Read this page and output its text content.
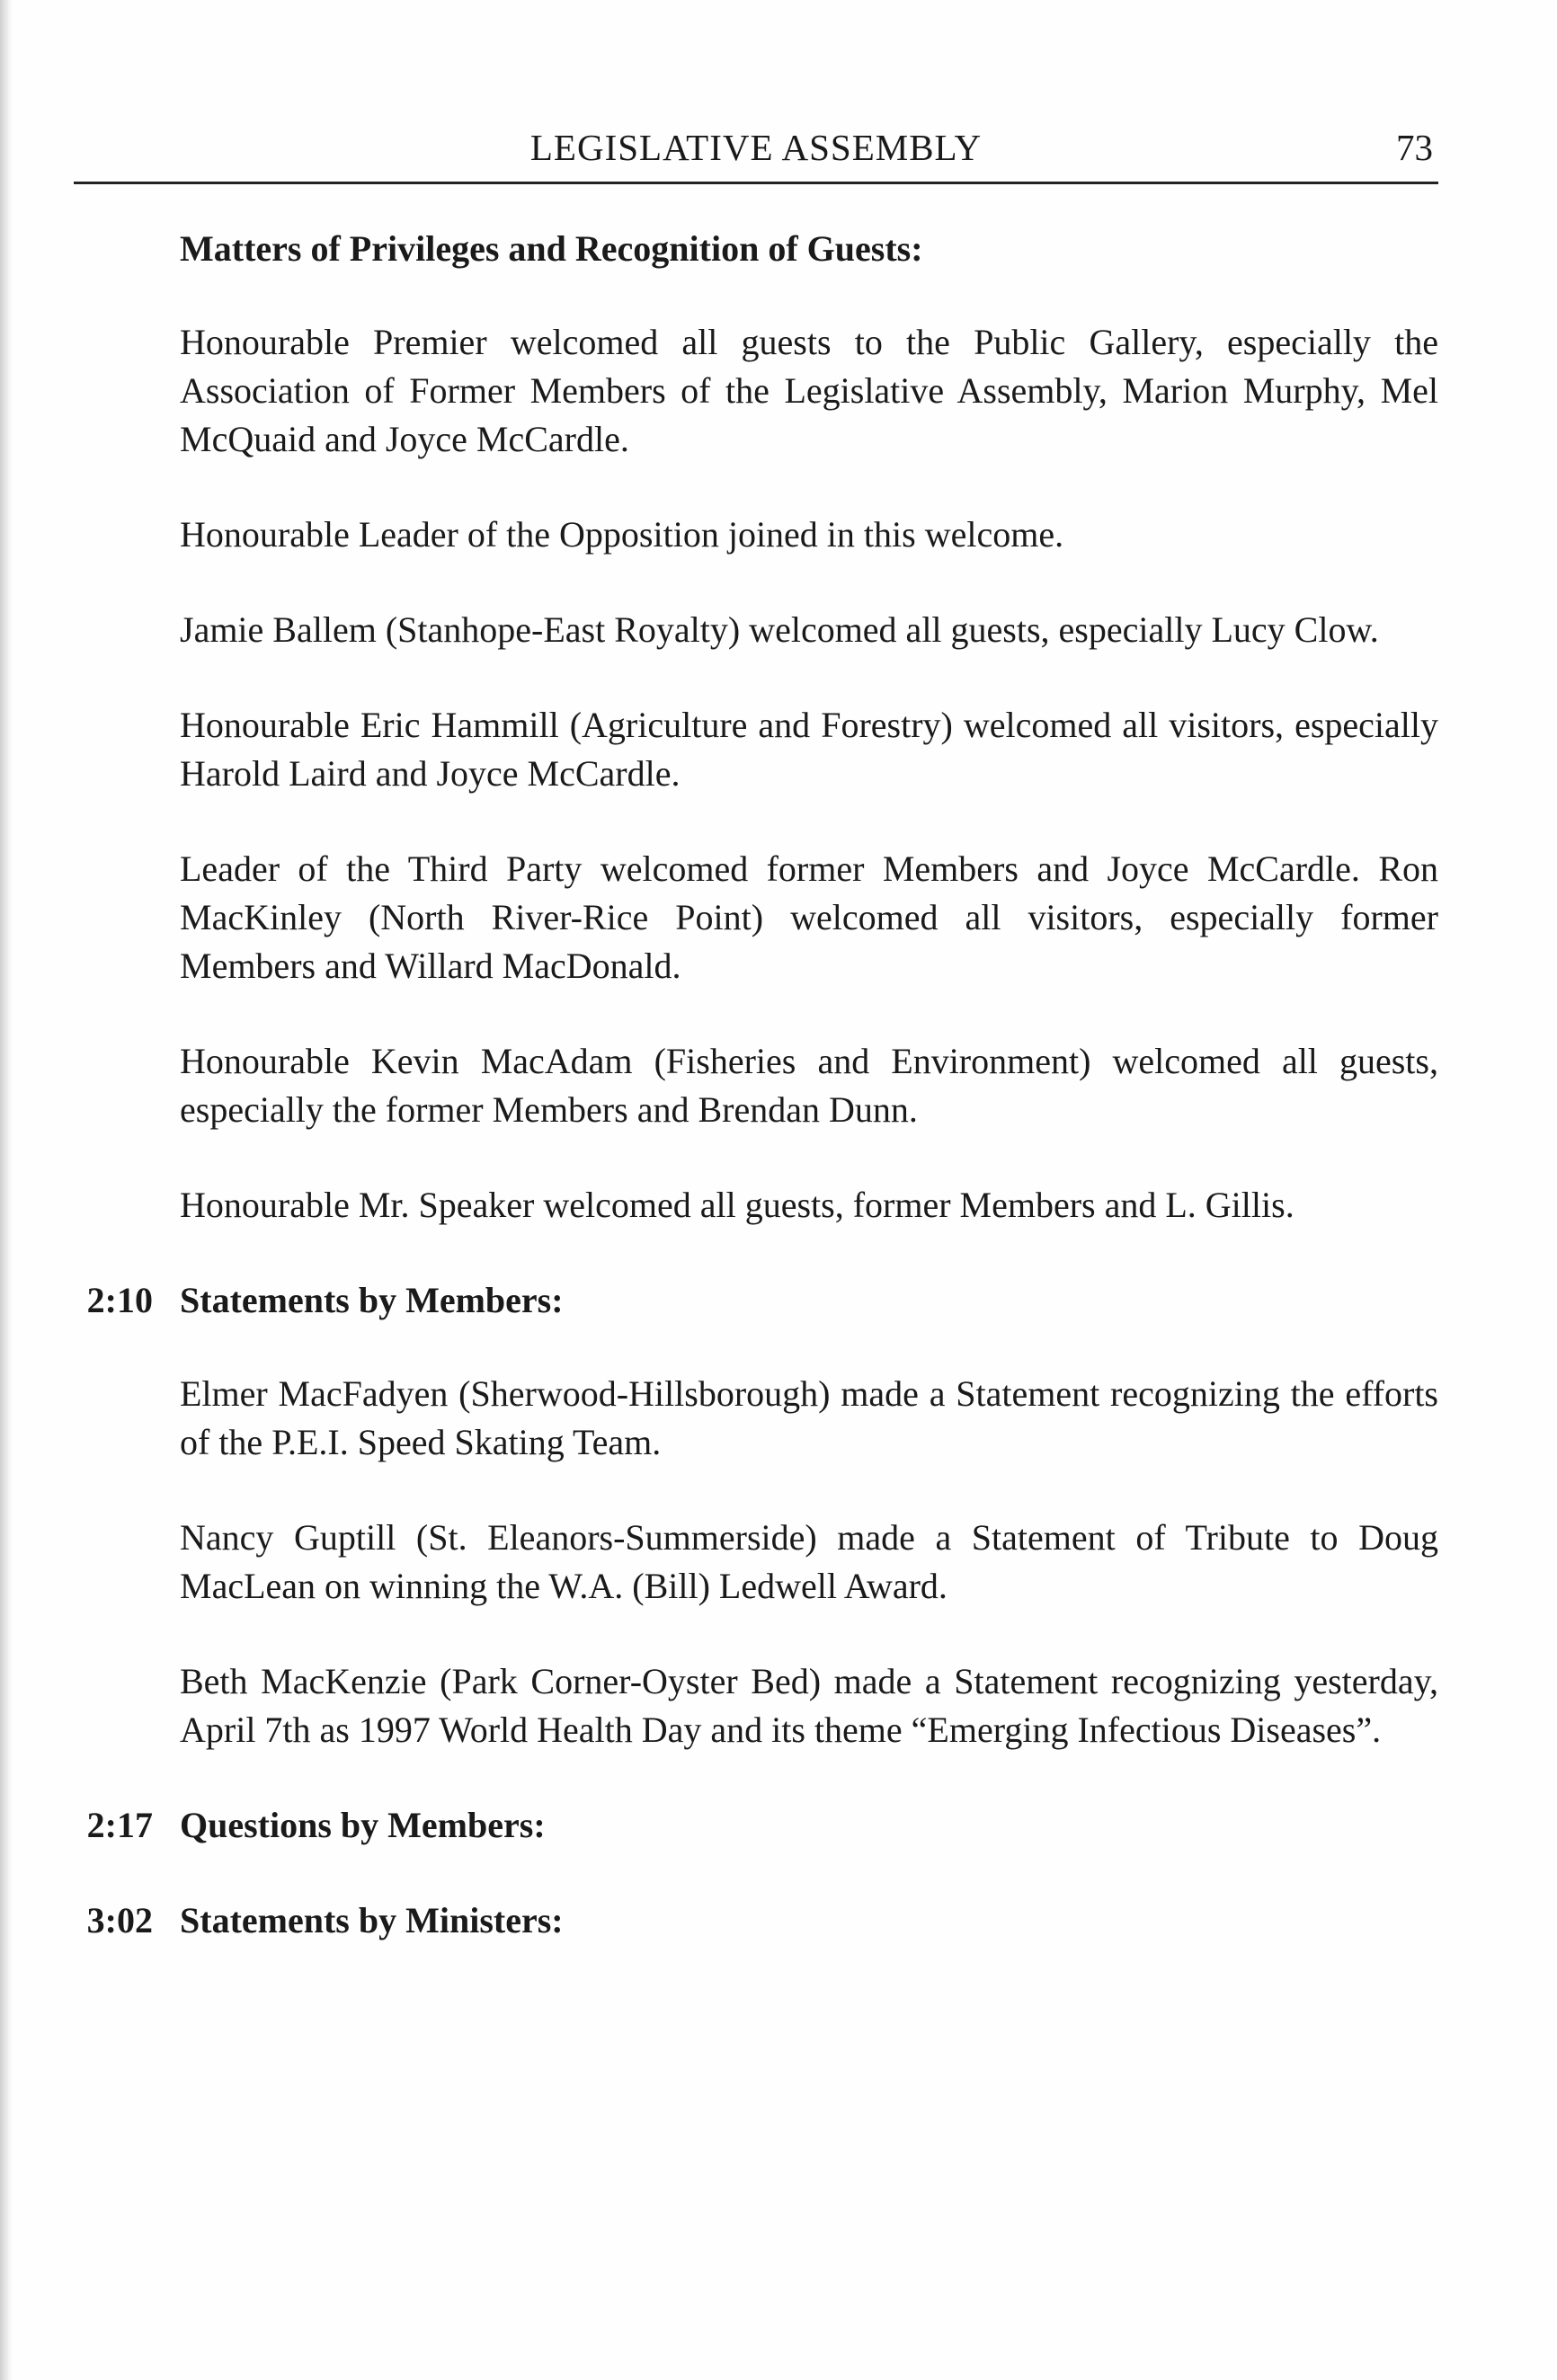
LEGISLATIVE ASSEMBLY	73
Matters of Privileges and Recognition of Guests:

Honourable Premier welcomed all guests to the Public Gallery, especially the Association of Former Members of the Legislative Assembly, Marion Murphy, Mel McQuaid and Joyce McCardle.

Honourable Leader of the Opposition joined in this welcome.

Jamie Ballem (Stanhope-East Royalty) welcomed all guests, especially Lucy Clow.

Honourable Eric Hammill (Agriculture and Forestry) welcomed all visitors, especially Harold Laird and Joyce McCardle.

Leader of the Third Party welcomed former Members and Joyce McCardle. Ron MacKinley (North River-Rice Point) welcomed all visitors, especially former Members and Willard MacDonald.

Honourable Kevin MacAdam (Fisheries and Environment) welcomed all guests, especially the former Members and Brendan Dunn.

Honourable Mr. Speaker welcomed all guests, former Members and L. Gillis.

2:10 Statements by Members:

Elmer MacFadyen (Sherwood-Hillsborough) made a Statement recognizing the efforts of the P.E.I. Speed Skating Team.

Nancy Guptill (St. Eleanors-Summerside) made a Statement of Tribute to Doug MacLean on winning the W.A. (Bill) Ledwell Award.

Beth MacKenzie (Park Corner-Oyster Bed) made a Statement recognizing yesterday, April 7th as 1997 World Health Day and its theme “Emerging Infectious Diseases”.

2:17 Questions by Members:
3:02 Statements by Ministers:
